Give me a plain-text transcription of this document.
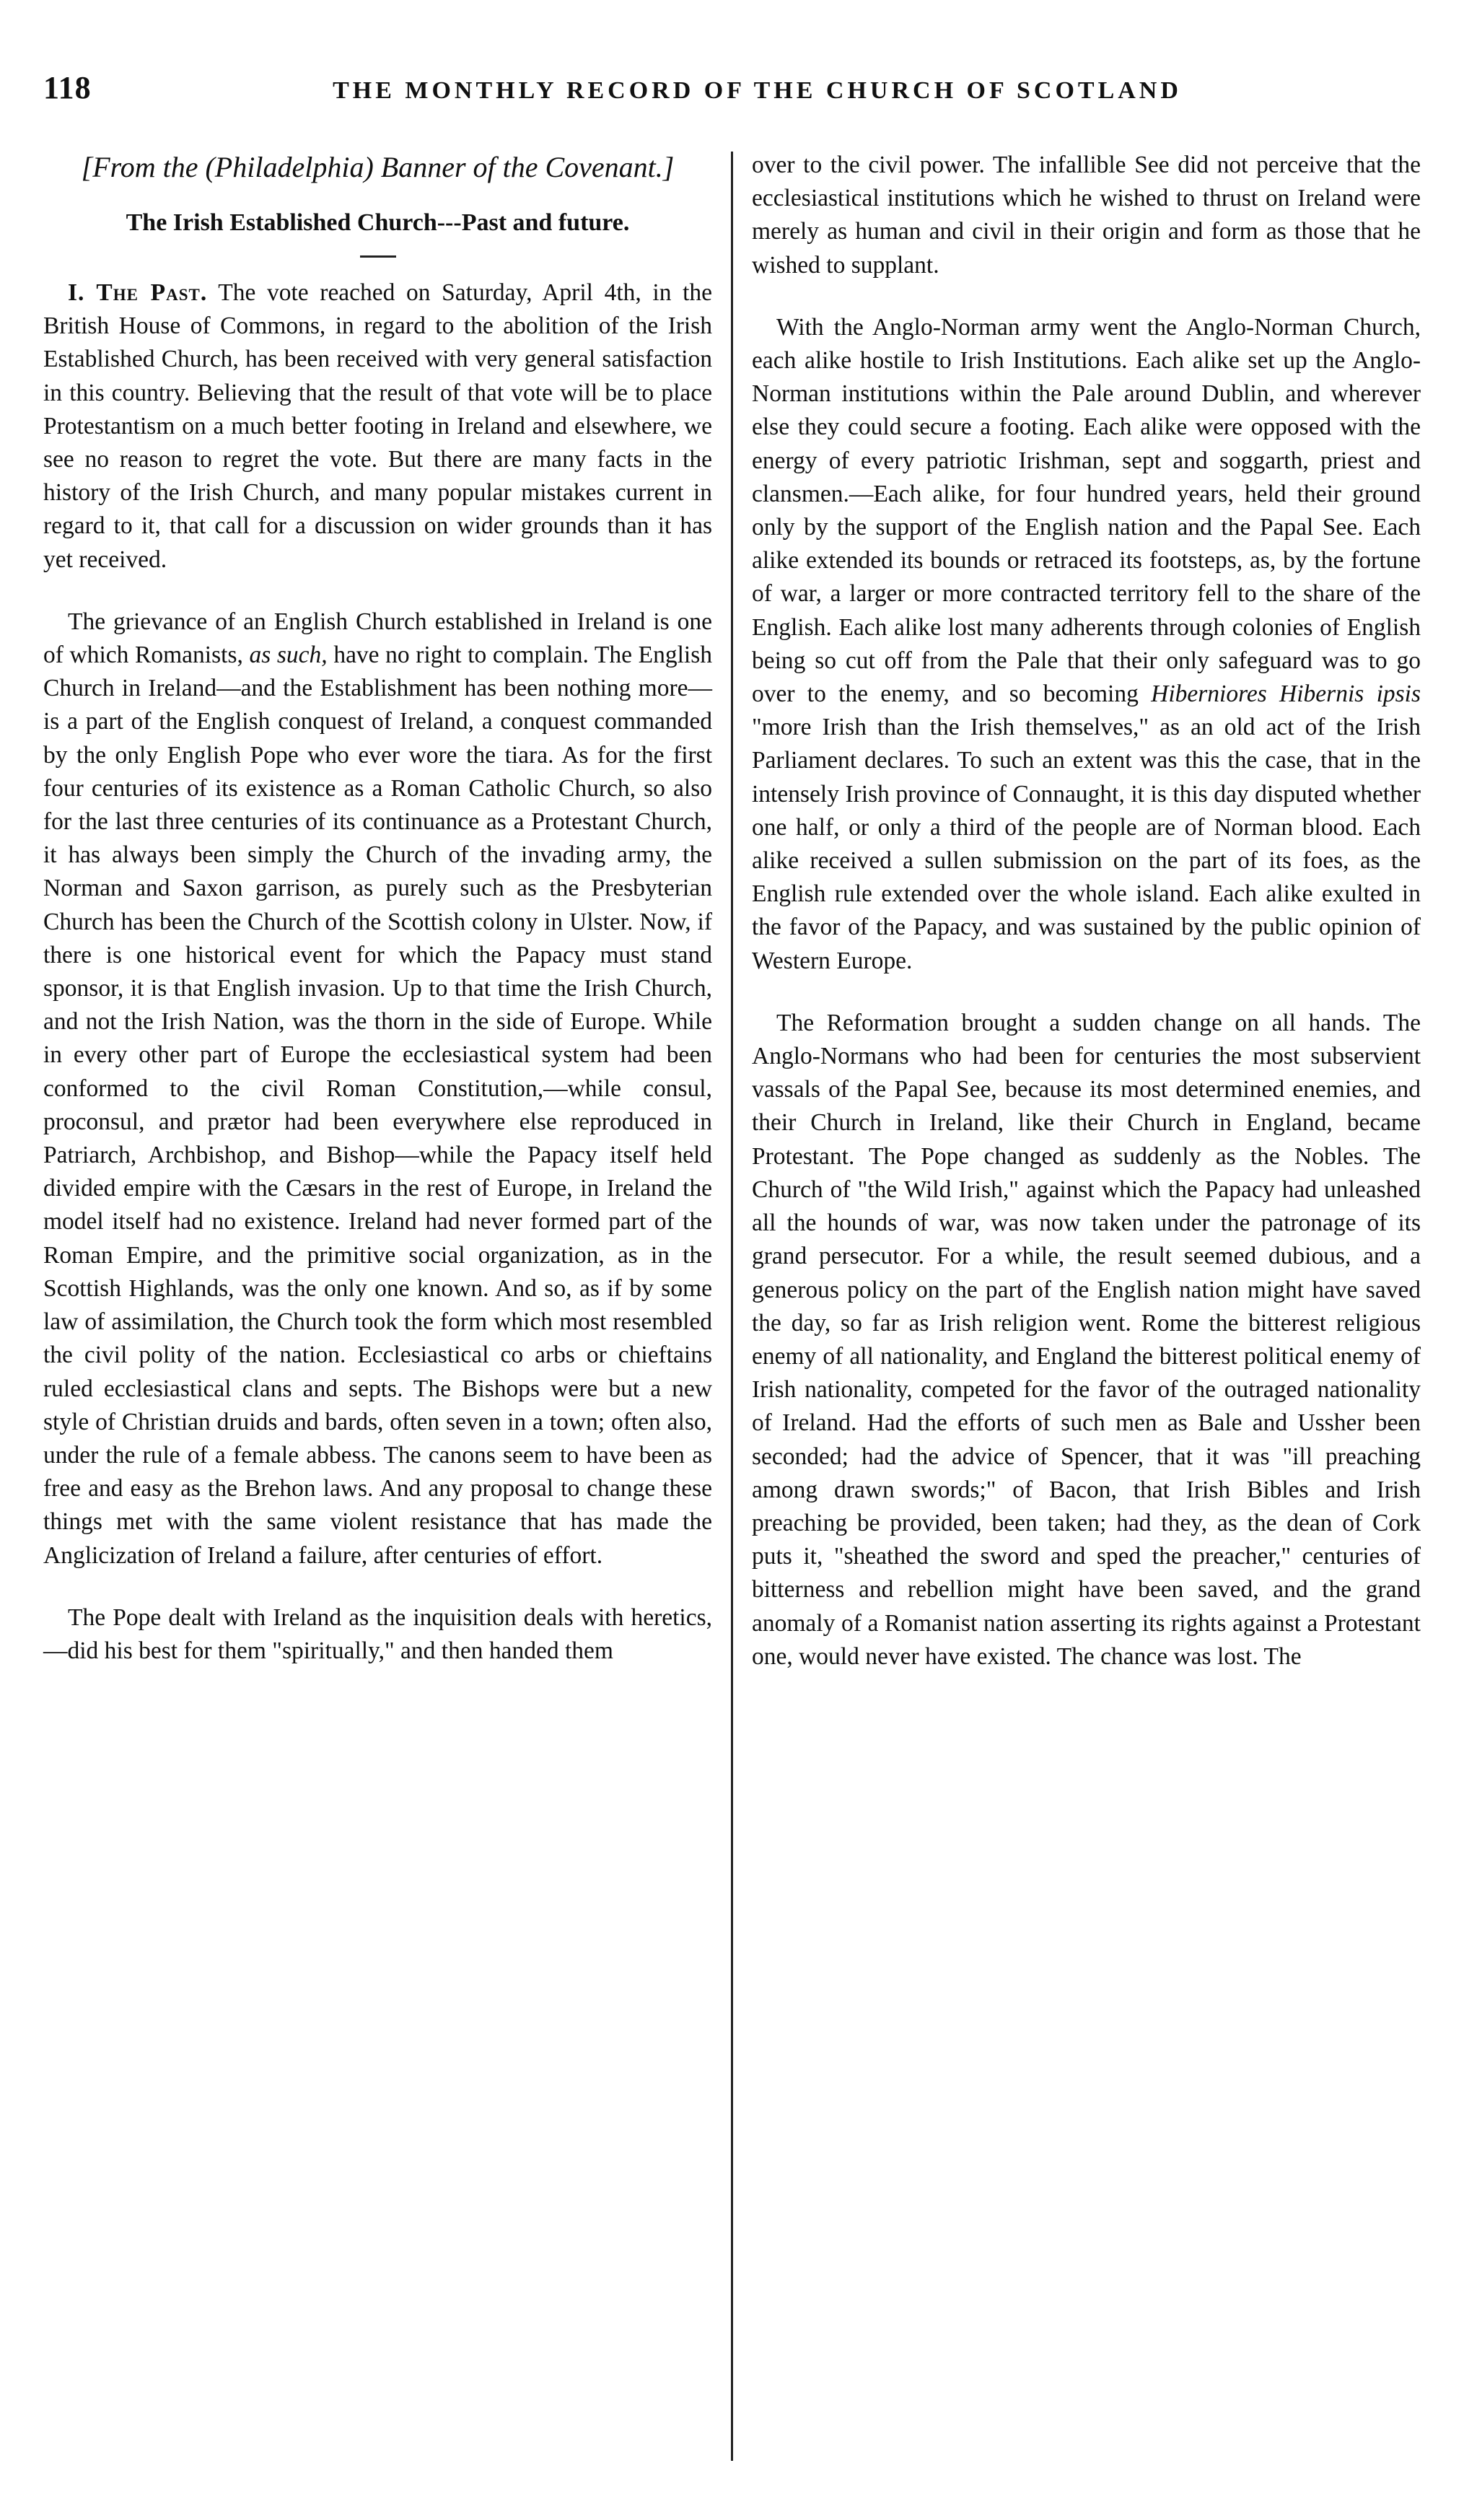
118	THE MONTHLY RECORD OF THE CHURCH OF SCOTLAND
[From the (Philadelphia) Banner of the Covenant.]
The Irish Established Church---Past and future.

I. The Past. The vote reached on Saturday, April 4th, in the British House of Commons, in regard to the abolition of the Irish Established Church, has been received with very general satisfaction in this country. Believing that the result of that vote will be to place Protestantism on a much better footing in Ireland and elsewhere, we see no reason to regret the vote. But there are many facts in the history of the Irish Church, and many popular mistakes current in regard to it, that call for a discussion on wider grounds than it has yet received.

The grievance of an English Church established in Ireland is one of which Romanists, as such, have no right to complain. The English Church in Ireland—and the Establishment has been nothing more—is a part of the English conquest of Ireland, a conquest commanded by the only English Pope who ever wore the tiara. As for the first four centuries of its existence as a Roman Catholic Church, so also for the last three centuries of its continuance as a Protestant Church, it has always been simply the Church of the invading army, the Norman and Saxon garrison, as purely such as the Presbyterian Church has been the Church of the Scottish colony in Ulster. Now, if there is one historical event for which the Papacy must stand sponsor, it is that English invasion. Up to that time the Irish Church, and not the Irish Nation, was the thorn in the side of Europe. While in every other part of Europe the ecclesiastical system had been conformed to the civil Roman Constitution,—while consul, proconsul, and prætor had been everywhere else reproduced in Patriarch, Archbishop, and Bishop—while the Papacy itself held divided empire with the Cæsars in the rest of Europe, in Ireland the model itself had no existence. Ireland had never formed part of the Roman Empire, and the primitive social organization, as in the Scottish Highlands, was the only one known. And so, as if by some law of assimilation, the Church took the form which most resembled the civil polity of the nation. Ecclesiastical co arbs or chieftains ruled ecclesiastical clans and septs. The Bishops were but a new style of Christian druids and bards, often seven in a town; often also, under the rule of a female abbess. The canons seem to have been as free and easy as the Brehon laws. And any proposal to change these things met with the same violent resistance that has made the Anglicization of Ireland a failure, after centuries of effort.

The Pope dealt with Ireland as the inquisition deals with heretics,—did his best for them "spiritually," and then handed them

over to the civil power. The infallible See did not perceive that the ecclesiastical institutions which he wished to thrust on Ireland were merely as human and civil in their origin and form as those that he wished to supplant.

With the Anglo-Norman army went the Anglo-Norman Church, each alike hostile to Irish Institutions. Each alike set up the Anglo-Norman institutions within the Pale around Dublin, and wherever else they could secure a footing. Each alike were opposed with the energy of every patriotic Irishman, sept and soggarth, priest and clansmen.—Each alike, for four hundred years, held their ground only by the support of the English nation and the Papal See. Each alike extended its bounds or retraced its footsteps, as, by the fortune of war, a larger or more contracted territory fell to the share of the English. Each alike lost many adherents through colonies of English being so cut off from the Pale that their only safeguard was to go over to the enemy, and so becoming Hiberniores Hibernis ipsis "more Irish than the Irish themselves," as an old act of the Irish Parliament declares. To such an extent was this the case, that in the intensely Irish province of Connaught, it is this day disputed whether one half, or only a third of the people are of Norman blood. Each alike received a sullen submission on the part of its foes, as the English rule extended over the whole island. Each alike exulted in the favor of the Papacy, and was sustained by the public opinion of Western Europe.

The Reformation brought a sudden change on all hands. The Anglo-Normans who had been for centuries the most subservient vassals of the Papal See, because its most determined enemies, and their Church in Ireland, like their Church in England, became Protestant. The Pope changed as suddenly as the Nobles. The Church of "the Wild Irish," against which the Papacy had unleashed all the hounds of war, was now taken under the patronage of its grand persecutor. For a while, the result seemed dubious, and a generous policy on the part of the English nation might have saved the day, so far as Irish religion went. Rome the bitterest religious enemy of all nationality, and England the bitterest political enemy of Irish nationality, competed for the favor of the outraged nationality of Ireland. Had the efforts of such men as Bale and Ussher been seconded; had the advice of Spencer, that it was "ill preaching among drawn swords;" of Bacon, that Irish Bibles and Irish preaching be provided, been taken; had they, as the dean of Cork puts it, "sheathed the sword and sped the preacher," centuries of bitterness and rebellion might have been saved, and the grand anomaly of a Romanist nation asserting its rights against a Protestant one, would never have existed. The chance was lost. The
